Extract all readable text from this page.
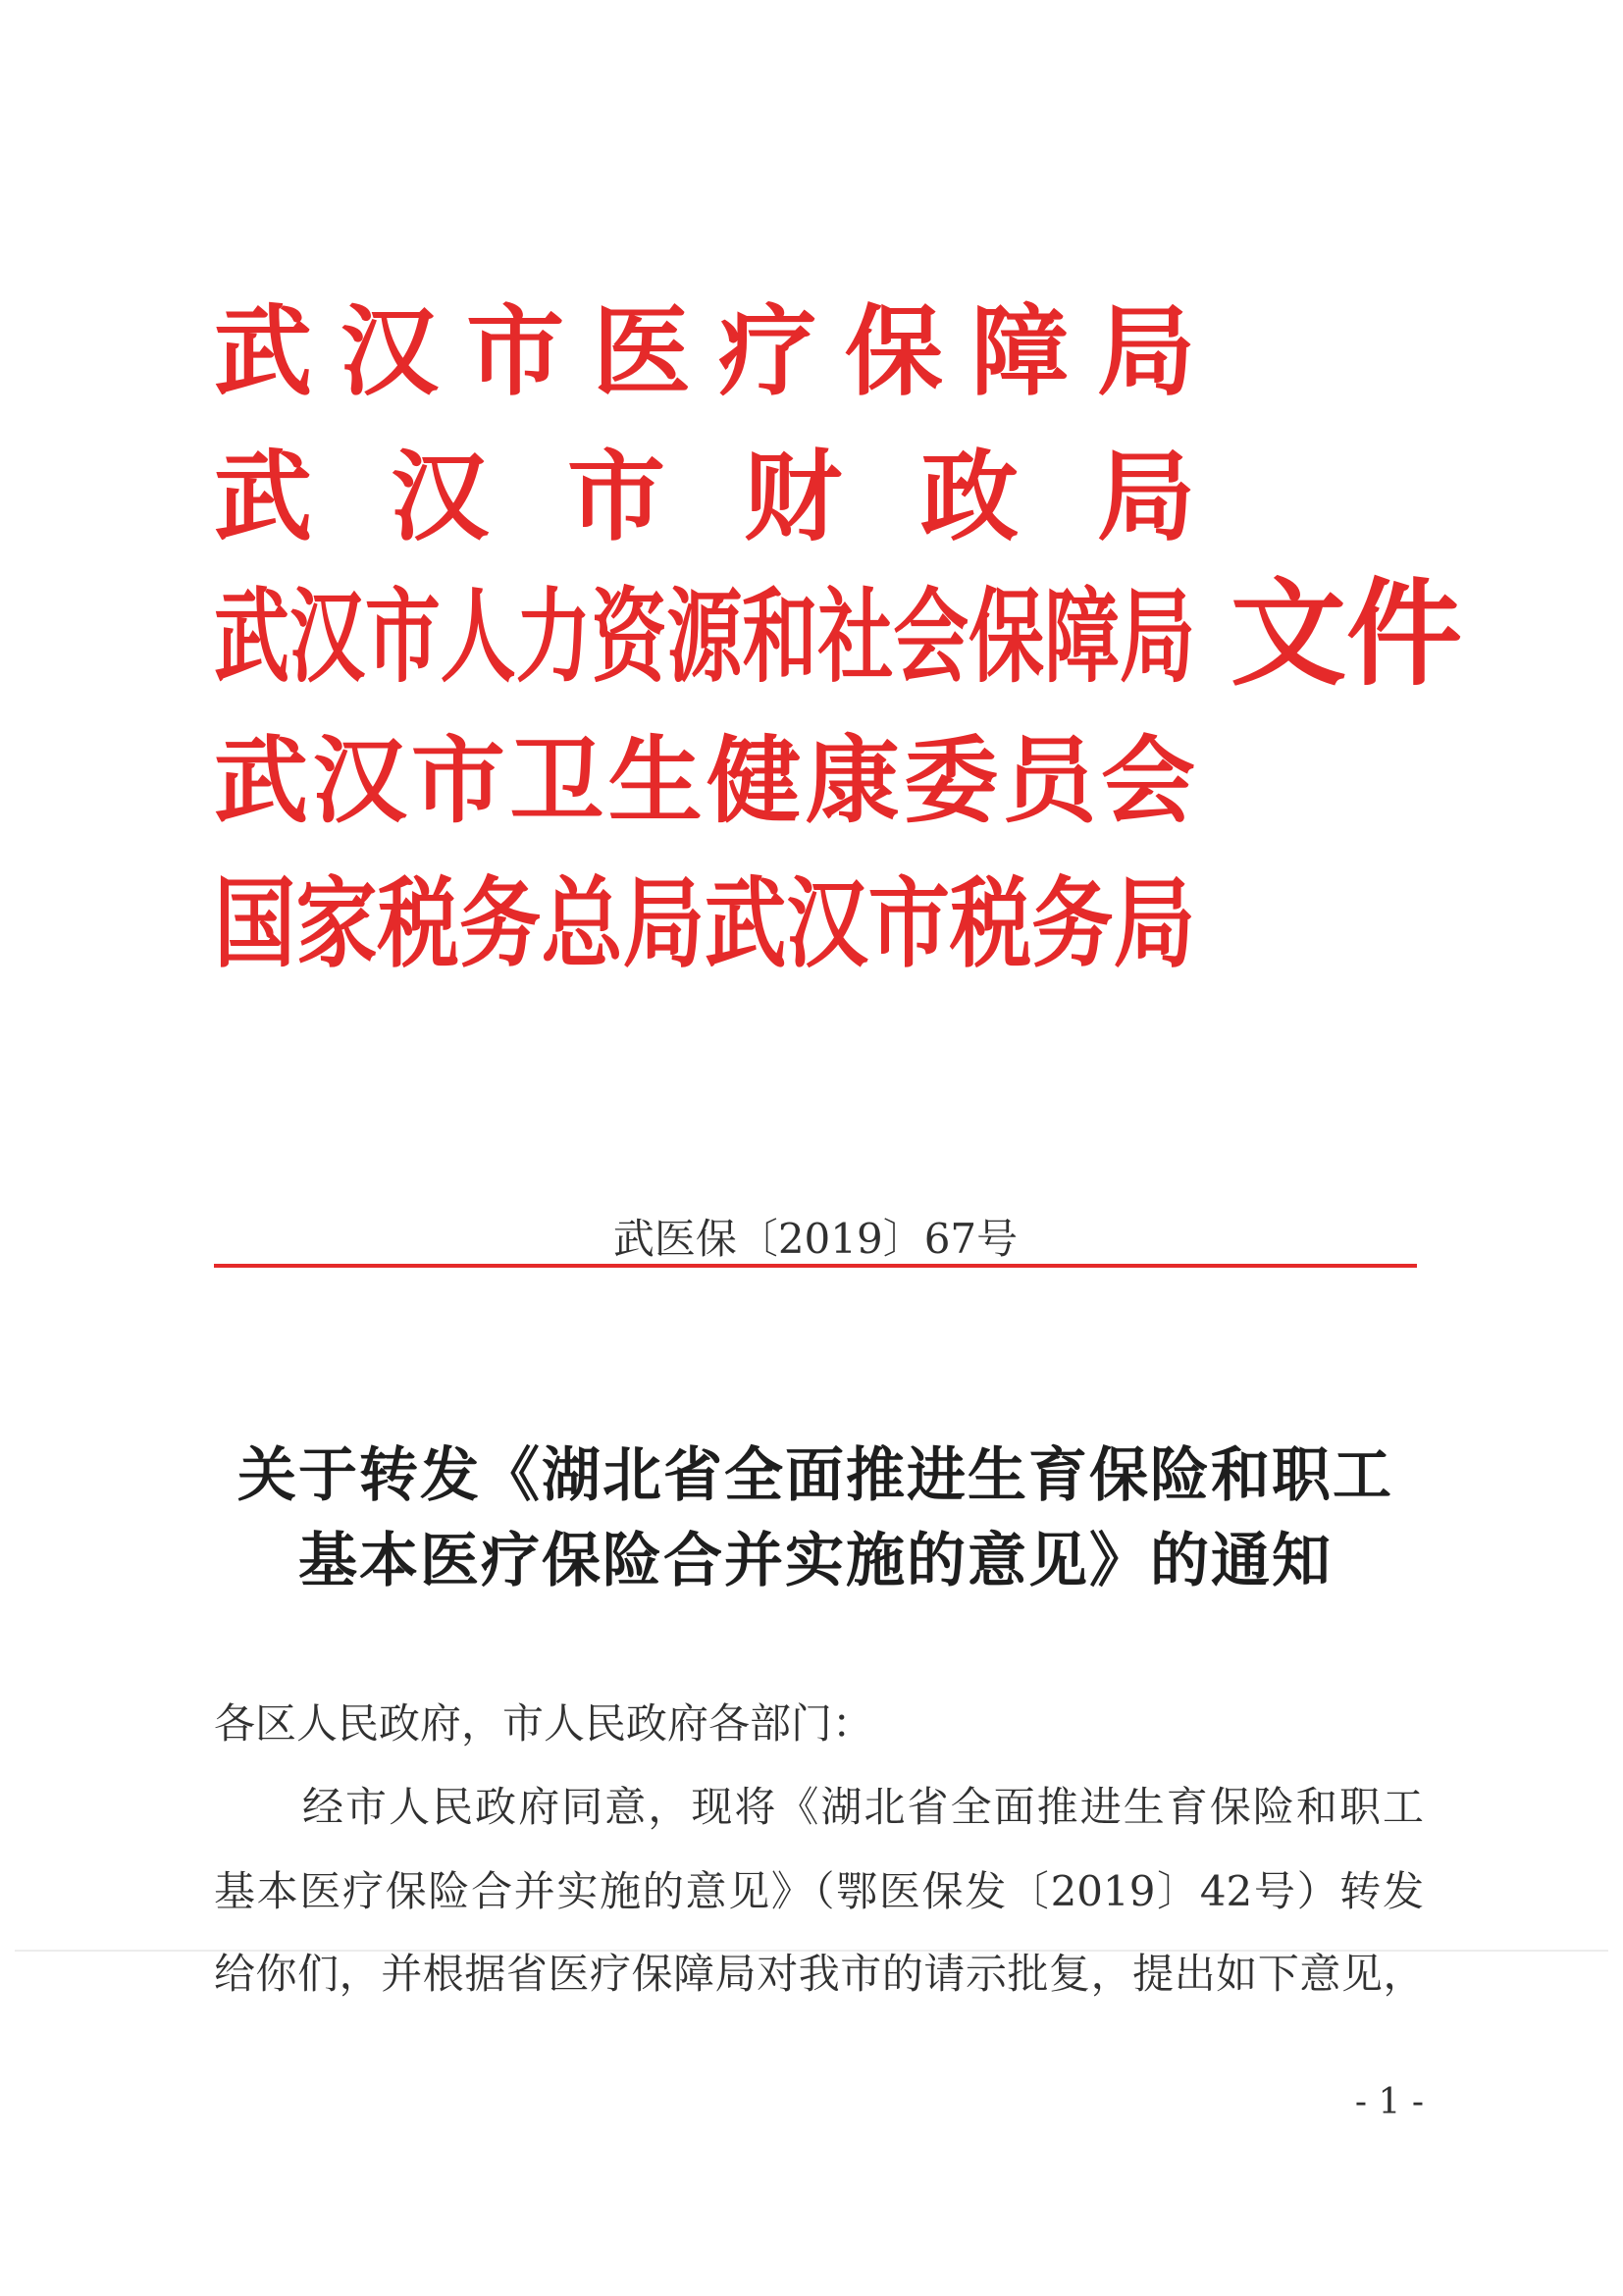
武汉市医疗保障局
武汉市财政局
武汉市人力资源和社会保障局 文件
武汉市卫生健康委员会
国家税务总局武汉市税务局
武医保〔2019〕67号
关于转发《湖北省全面推进生育保险和职工
基本医疗保险合并实施的意见》的通知
各区人民政府，市人民政府各部门：
经市人民政府同意，现将《湖北省全面推进生育保险和职工
基本医疗保险合并实施的意见》（鄂医保发〔2019〕42号）转发
给你们，并根据省医疗保障局对我市的请示批复，提出如下意见，
- 1 -
